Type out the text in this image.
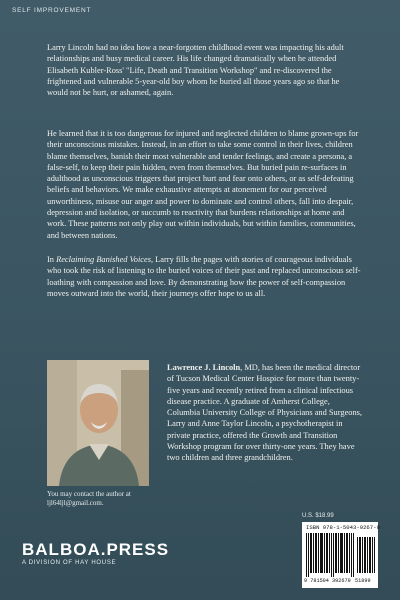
SELF IMPROVEMENT

Larry Lincoln had no idea how a near-forgotten childhood event was impacting his adult relationships and busy medical career. His life changed dramatically when he attended Elisabeth Kubler-Ross' "Life, Death and Transition Workshop" and re-discovered the frightened and vulnerable 5-year-old boy whom he buried all those years ago so that he would not be hurt, or ashamed, again.

He learned that it is too dangerous for injured and neglected children to blame grown-ups for their unconscious mistakes. Instead, in an effort to take some control in their lives, children blame themselves, banish their most vulnerable and tender feelings, and create a persona, a false-self, to keep their pain hidden, even from themselves. But buried pain re-surfaces in adulthood as unconscious triggers that project hurt and fear onto others, or as self-defeating beliefs and behaviors. We make exhaustive attempts at atonement for our perceived unworthiness, misuse our anger and power to dominate and control others, fall into despair, depression and isolation, or succumb to reactivity that burdens relationships at home and work. These patterns not only play out within individuals, but within families, communities, and between nations.

In Reclaiming Banished Voices, Larry fills the pages with stories of courageous individuals who took the risk of listening to the buried voices of their past and replaced unconscious self-loathing with compassion and love. By demonstrating how the power of self-compassion moves outward into the world, their journeys offer hope to us all.

You may contact the author at
ljl64ljl@gmail.com.

Lawrence J. Lincoln, MD, has been the medical director of Tucson Medical Center Hospice for more than twenty-five years and recently retired from a clinical infectious disease practice. A graduate of Amherst College, Columbia University College of Physicians and Surgeons, Larry and Anne Taylor Lincoln, a psychotherapist in private practice, offered the Growth and Transition Workshop program for over thirty-one years. They have two children and three grandchildren.

U.S. $18.99
ISBN 978-1-5043-9267-9
9 781504 392679 51899
BALBOA.PRESS
A DIVISION OF HAY HOUSE
